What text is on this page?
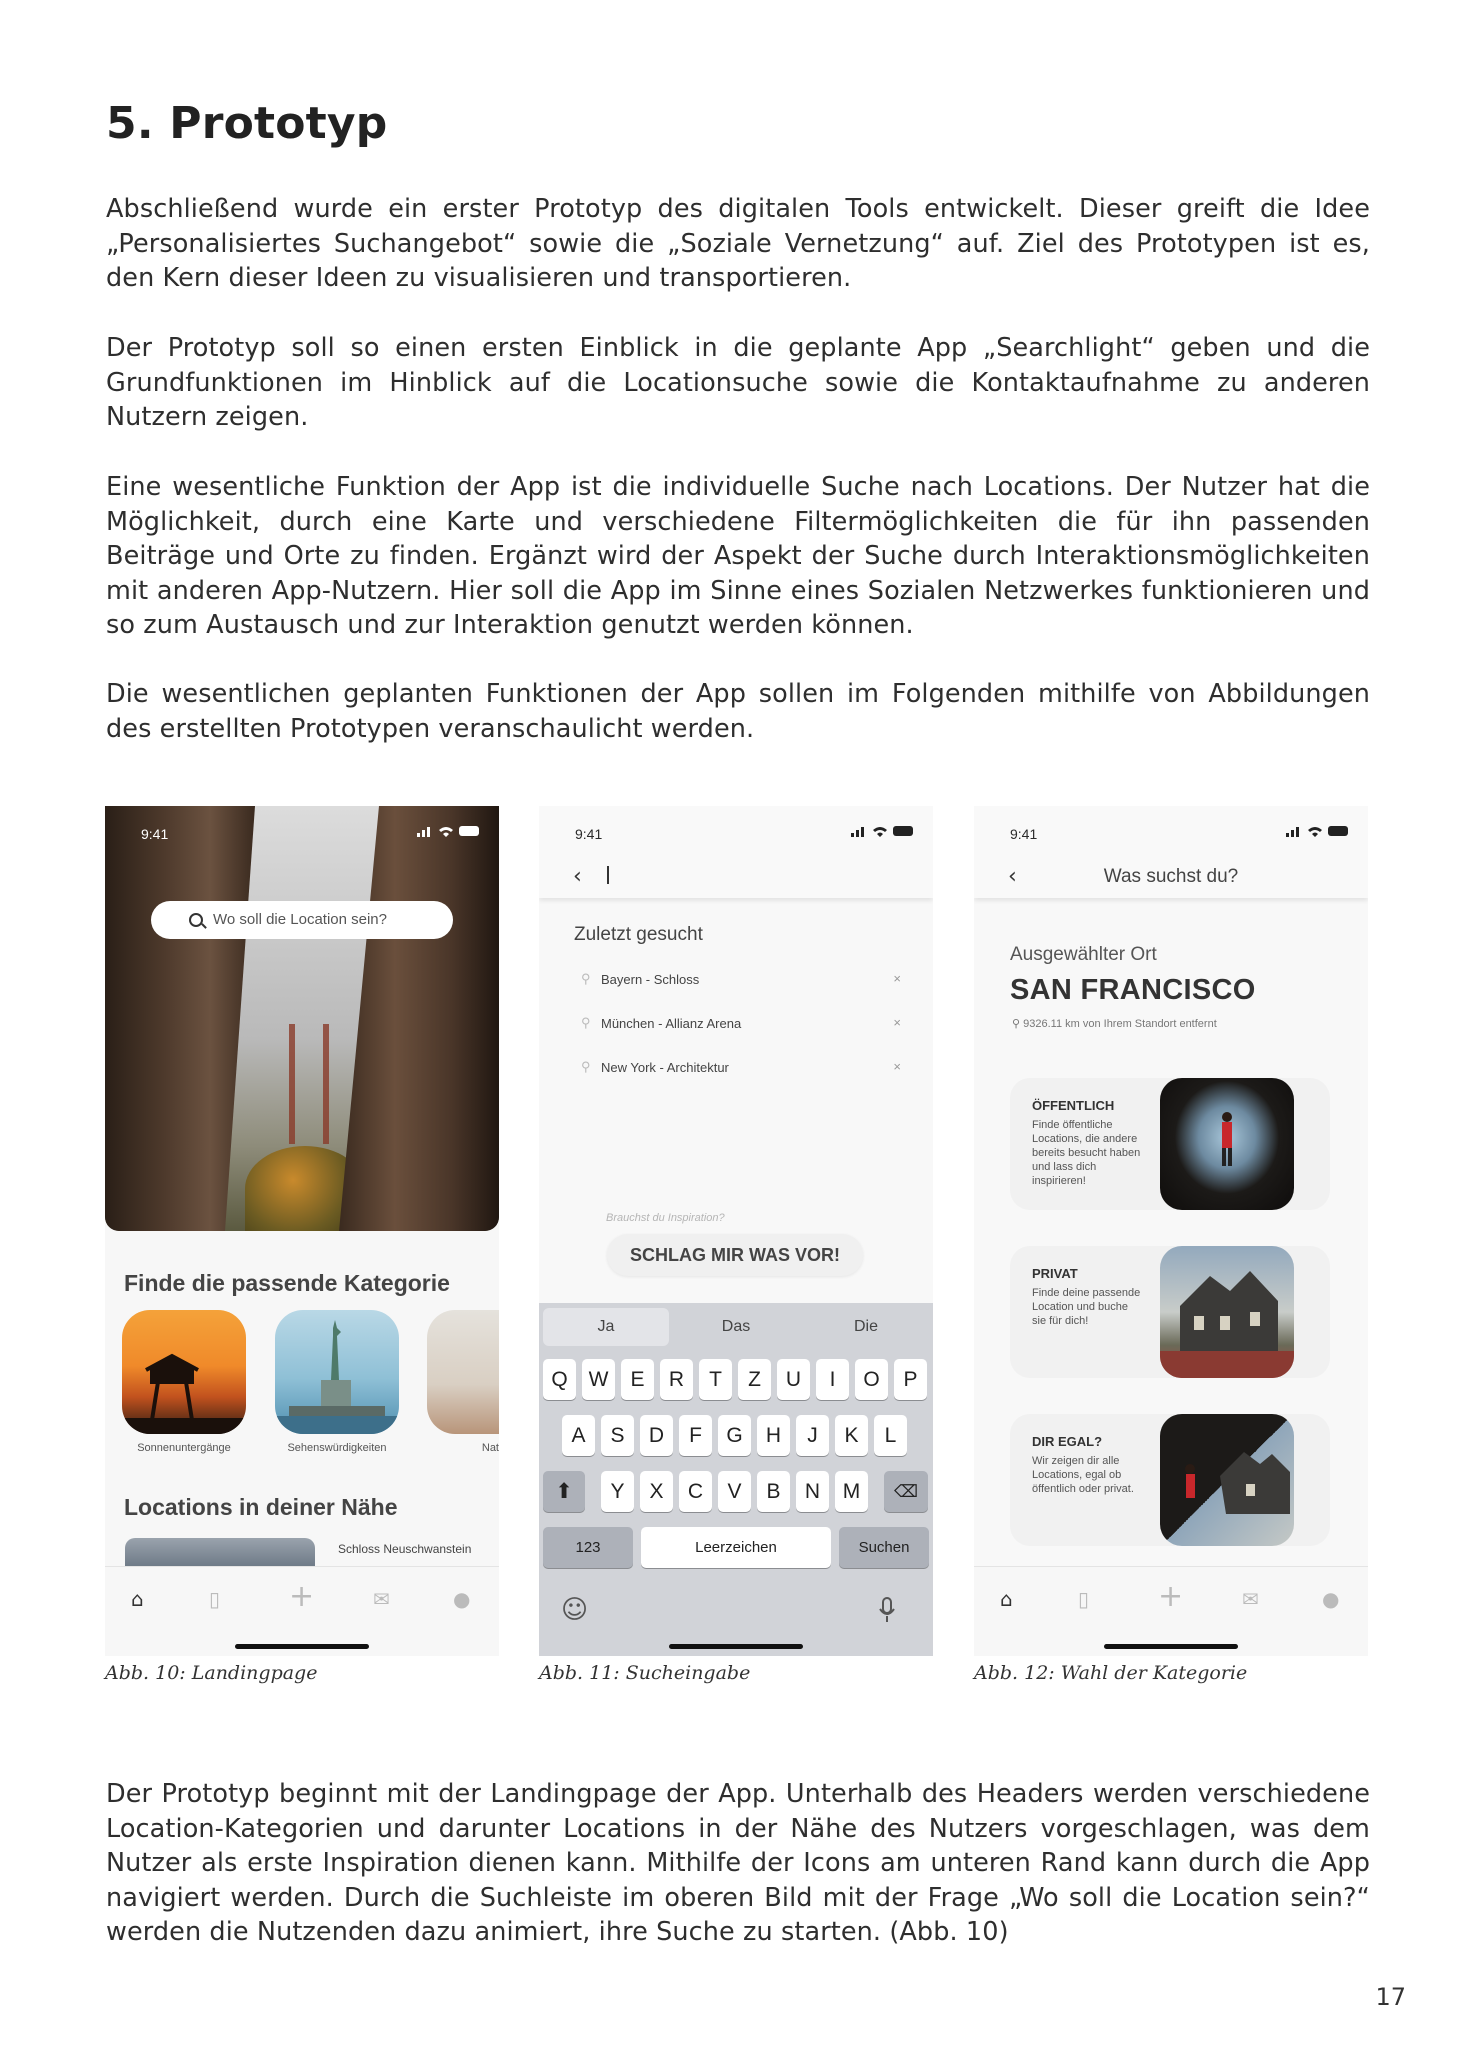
5. Prototyp

Abschließend wurde ein erster Prototyp des digitalen Tools entwickelt. Dieser greift die Idee „Personalisiertes Suchangebot“ sowie die „Soziale Vernetzung“ auf. Ziel des Prototypen ist es, den Kern dieser Ideen zu visualisieren und transportieren.

Der Prototyp soll so einen ersten Einblick in die geplante App „Searchlight“ geben und die Grundfunktionen im Hinblick auf die Locationsuche sowie die Kontaktaufnahme zu anderen Nutzern zeigen.

Eine wesentliche Funktion der App ist die individuelle Suche nach Locations. Der Nutzer hat die Möglichkeit, durch eine Karte und verschiedene Filtermöglichkeiten die für ihn passenden Beiträge und Orte zu finden. Ergänzt wird der Aspekt der Suche durch Interaktionsmöglichkeiten mit anderen App-Nutzern. Hier soll die App im Sinne eines Sozialen Netzwerkes funktionieren und so zum Austausch und zur Interaktion genutzt werden können.

Die wesentlichen geplanten Funktionen der App sollen im Folgenden mithilfe von Abbildungen des erstellten Prototypen veranschaulicht werden.

9:41
Wo soll die Location sein?
Finde die passende Kategorie
Sonnenuntergänge	Sehenswürdigkeiten	Nat
Locations in deiner Nähe
Schloss Neuschwanstein
⌂	▯ +	✉	●
9:41
‹
Zuletzt gesucht
⚲ Bayern - Schloss	×
⚲ München - Allianz Arena	×
⚲ New York - Architektur	×
Brauchst du Inspiration?
SCHLAG MIR WAS VOR!
Ja	Das	Die
Q W	E	R	T	Z	U	I	O	P
A	S	D	F	G	H	J	K	L
⬆	Y	X	C	V	B	N	M	⌫
123	Leerzeichen	Suchen
☺
9:41
‹	Was suchst du?
Ausgewählter Ort
SAN FRANCISCO
⚲ 9326.11 km von Ihrem Standort entfernt
ÖFFENTLICH
Finde öffentliche Locations, die andere bereits besucht haben und lass dich inspirieren!
PRIVAT
Finde deine passende Location und buche sie für dich!
DIR EGAL?
Wir zeigen dir alle Locations, egal ob öffentlich oder privat.
⌂	▯ +	✉	●
Abb. 10: Landingpage	Abb. 11: Sucheingabe	Abb. 12: Wahl der Kategorie

Der Prototyp beginnt mit der Landingpage der App. Unterhalb des Headers werden verschiedene Location-Kategorien und darunter Locations in der Nähe des Nutzers vorgeschlagen, was dem Nutzer als erste Inspiration dienen kann. Mithilfe der Icons am unteren Rand kann durch die App navigiert werden. Durch die Suchleiste im oberen Bild mit der Frage „Wo soll die Location sein?“ werden die Nutzenden dazu animiert, ihre Suche zu starten. (Abb. 10)

17
